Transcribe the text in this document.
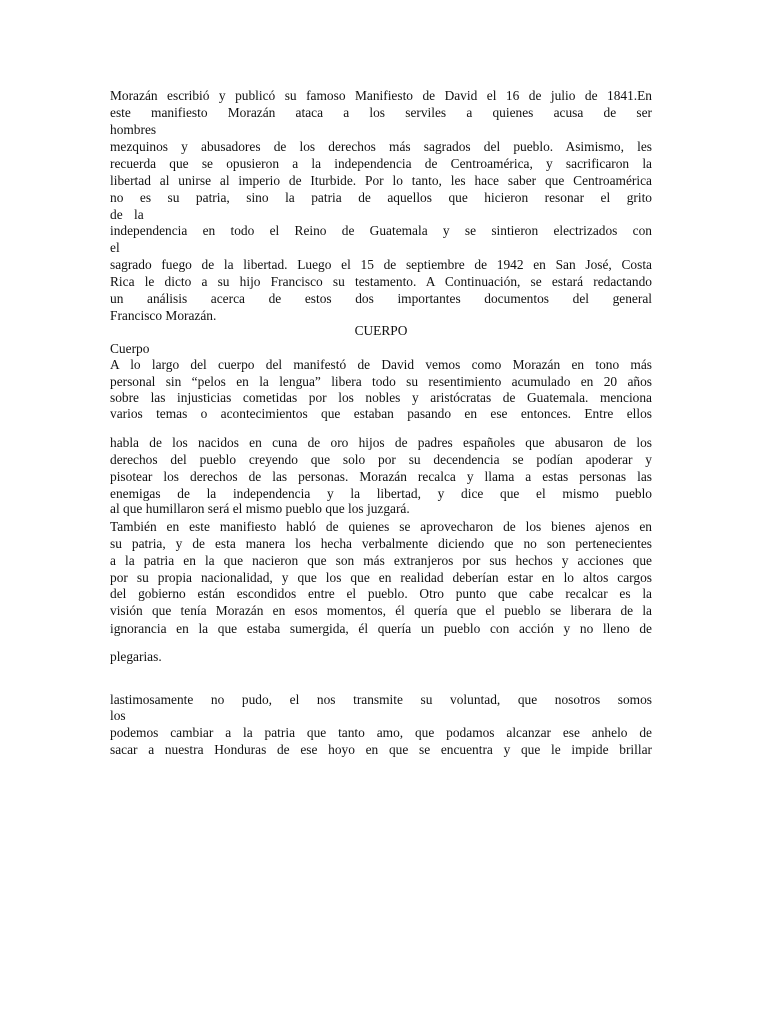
Morazán escribió y publicó su famoso Manifiesto de David el 16 de julio de 1841.En

este manifiesto Morazán ataca a los serviles a quienes acusa de ser

hombres

mezquinos y abusadores de los derechos más sagrados del pueblo. Asimismo, les

recuerda que se opusieron a la independencia de Centroamérica, y sacrificaron la

libertad al unirse al imperio de Iturbide. Por lo tanto, les hace saber que Centroamérica

no es su patria, sino la patria de aquellos que hicieron resonar el grito

de la

independencia en todo el Reino de Guatemala y se sintieron electrizados con

el

sagrado fuego de la libertad. Luego el 15 de septiembre de 1942 en San José, Costa

Rica le dicto a su hijo Francisco su testamento. A Continuación, se estará redactando

un análisis acerca de estos dos importantes documentos del general

Francisco Morazán.

CUERPO

Cuerpo

A lo largo del cuerpo del manifestó de David vemos como Morazán en tono más

personal sin “pelos en la lengua” libera todo su resentimiento acumulado en 20 años

sobre las injusticias cometidas por los nobles y aristócratas de Guatemala. menciona

varios temas o acontecimientos que estaban pasando en ese entonces. Entre ellos

habla de los nacidos en cuna de oro hijos de padres españoles que abusaron de los

derechos del pueblo creyendo que solo por su decendencia se podían apoderar y

pisotear los derechos de las personas. Morazán recalca y llama a estas personas las

enemigas de la independencia y la libertad, y dice que el mismo pueblo

al que humillaron será el mismo pueblo que los juzgará.

También en este manifiesto habló de quienes se aprovecharon de los bienes ajenos en

su patria, y de esta manera los hecha verbalmente diciendo que no son pertenecientes

a la patria en la que nacieron que son más extranjeros por sus hechos y acciones que

por su propia nacionalidad, y que los que en realidad deberían estar en lo altos cargos

del gobierno están escondidos entre el pueblo. Otro punto que cabe recalcar es la

visión que tenía Morazán en esos momentos, él quería que el pueblo se liberara de la

ignorancia en la que estaba sumergida, él quería un pueblo con acción y no lleno de

plegarias.

lastimosamente no pudo, el nos transmite su voluntad, que nosotros somos

los

podemos cambiar a la patria que tanto amo, que podamos alcanzar ese anhelo de

sacar a nuestra Honduras de ese hoyo en que se encuentra y que le impide brillar
